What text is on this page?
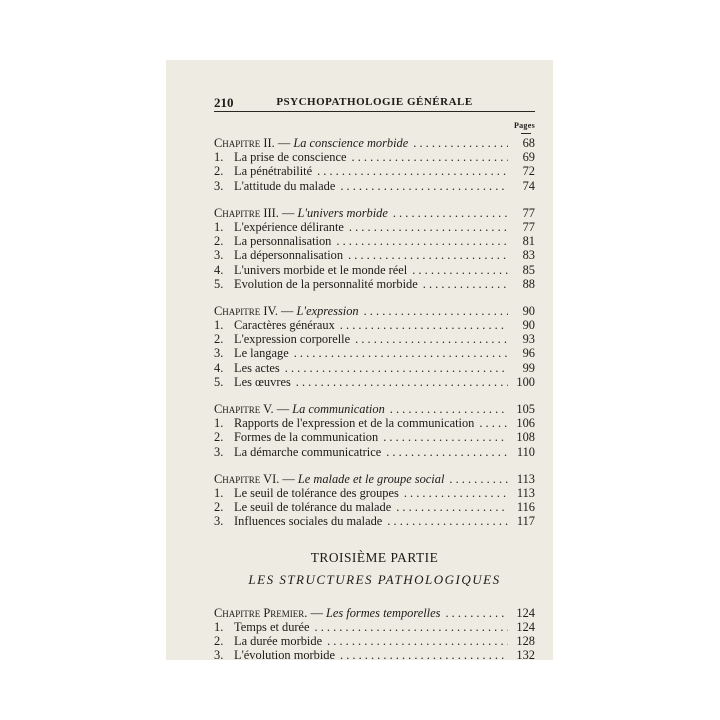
210	PSYCHOPATHOLOGIE GÉNÉRALE
Pages
Chapitre II. — La conscience morbide . . .	68
1. La prise de conscience . . .	69
2. La pénétrabilité . . .	72
3. L'attitude du malade . . .	74
Chapitre III. — L'univers morbide . . .	77
1. L'expérience délirante . . .	77
2. La personnalisation . . .	81
3. La dépersonnalisation . . .	83
4. L'univers morbide et le monde réel . . .	85
5. Evolution de la personnalité morbide . . .	88
Chapitre IV. — L'expression . . .	90
1. Caractères généraux . . .	90
2. L'expression corporelle . . .	93
3. Le langage . . .	96
4. Les actes . . .	99
5. Les œuvres . . .	100
Chapitre V. — La communication . . .	105
1. Rapports de l'expression et de la communication . . .	106
2. Formes de la communication . . .	108
3. La démarche communicatrice . . .	110
Chapitre VI. — Le malade et le groupe social . . .	113
1. Le seuil de tolérance des groupes . . .	113
2. Le seuil de tolérance du malade . . .	116
3. Influences sociales du malade . . .	117
TROISIÈME PARTIE
LES STRUCTURES PATHOLOGIQUES
Chapitre Premier. — Les formes temporelles . . .	124
1. Temps et durée . . .	124
2. La durée morbide . . .	128
3. L'évolution morbide . . .	132
